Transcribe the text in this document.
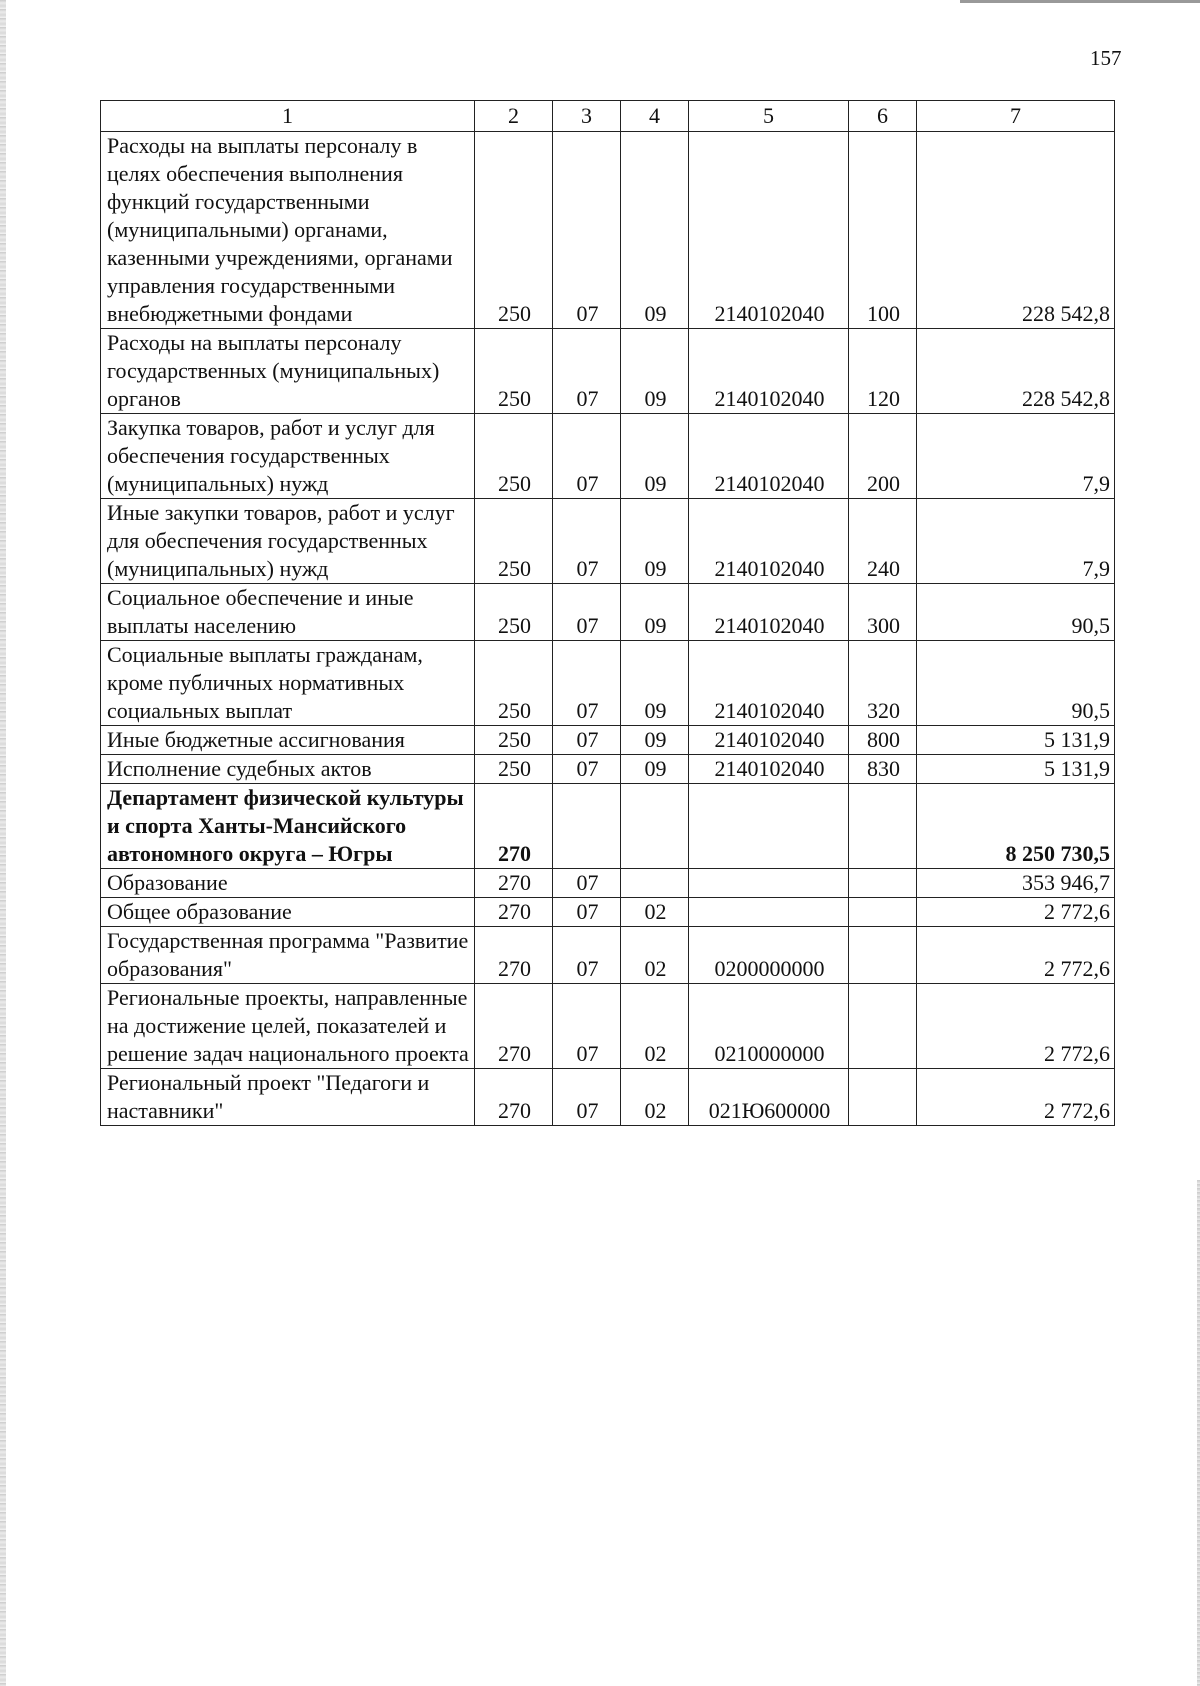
157
1	2	3	4	5	6	7
Расходы на выплаты персоналу в целях обеспечения выполнения функций государственными (муниципальными) органами, казенными учреждениями, органами управления государственными внебюджетными фондами	250	07	09	2140102040	100	228 542,8
Расходы на выплаты персоналу государственных (муниципальных) органов	250	07	09	2140102040	120	228 542,8
Закупка товаров, работ и услуг для обеспечения государственных (муниципальных) нужд	250	07	09	2140102040	200	7,9
Иные закупки товаров, работ и услуг для обеспечения государственных (муниципальных) нужд	250	07	09	2140102040	240	7,9
Социальное обеспечение и иные выплаты населению	250	07	09	2140102040	300	90,5
Социальные выплаты гражданам, кроме публичных нормативных социальных выплат	250	07	09	2140102040	320	90,5
Иные бюджетные ассигнования	250	07	09	2140102040	800	5 131,9
Исполнение судебных актов	250	07	09	2140102040	830	5 131,9
Департамент физической культуры и спорта Ханты-Мансийского автономного округа – Югры	270					8 250 730,5
Образование	270	07				353 946,7
Общее образование	270	07	02			2 772,6
Государственная программа "Развитие образования"	270	07	02	0200000000		2 772,6
Региональные проекты, направленные на достижение целей, показателей и решение задач национального проекта	270	07	02	0210000000		2 772,6
Региональный проект "Педагоги и наставники"	270	07	02	021Ю600000		2 772,6
